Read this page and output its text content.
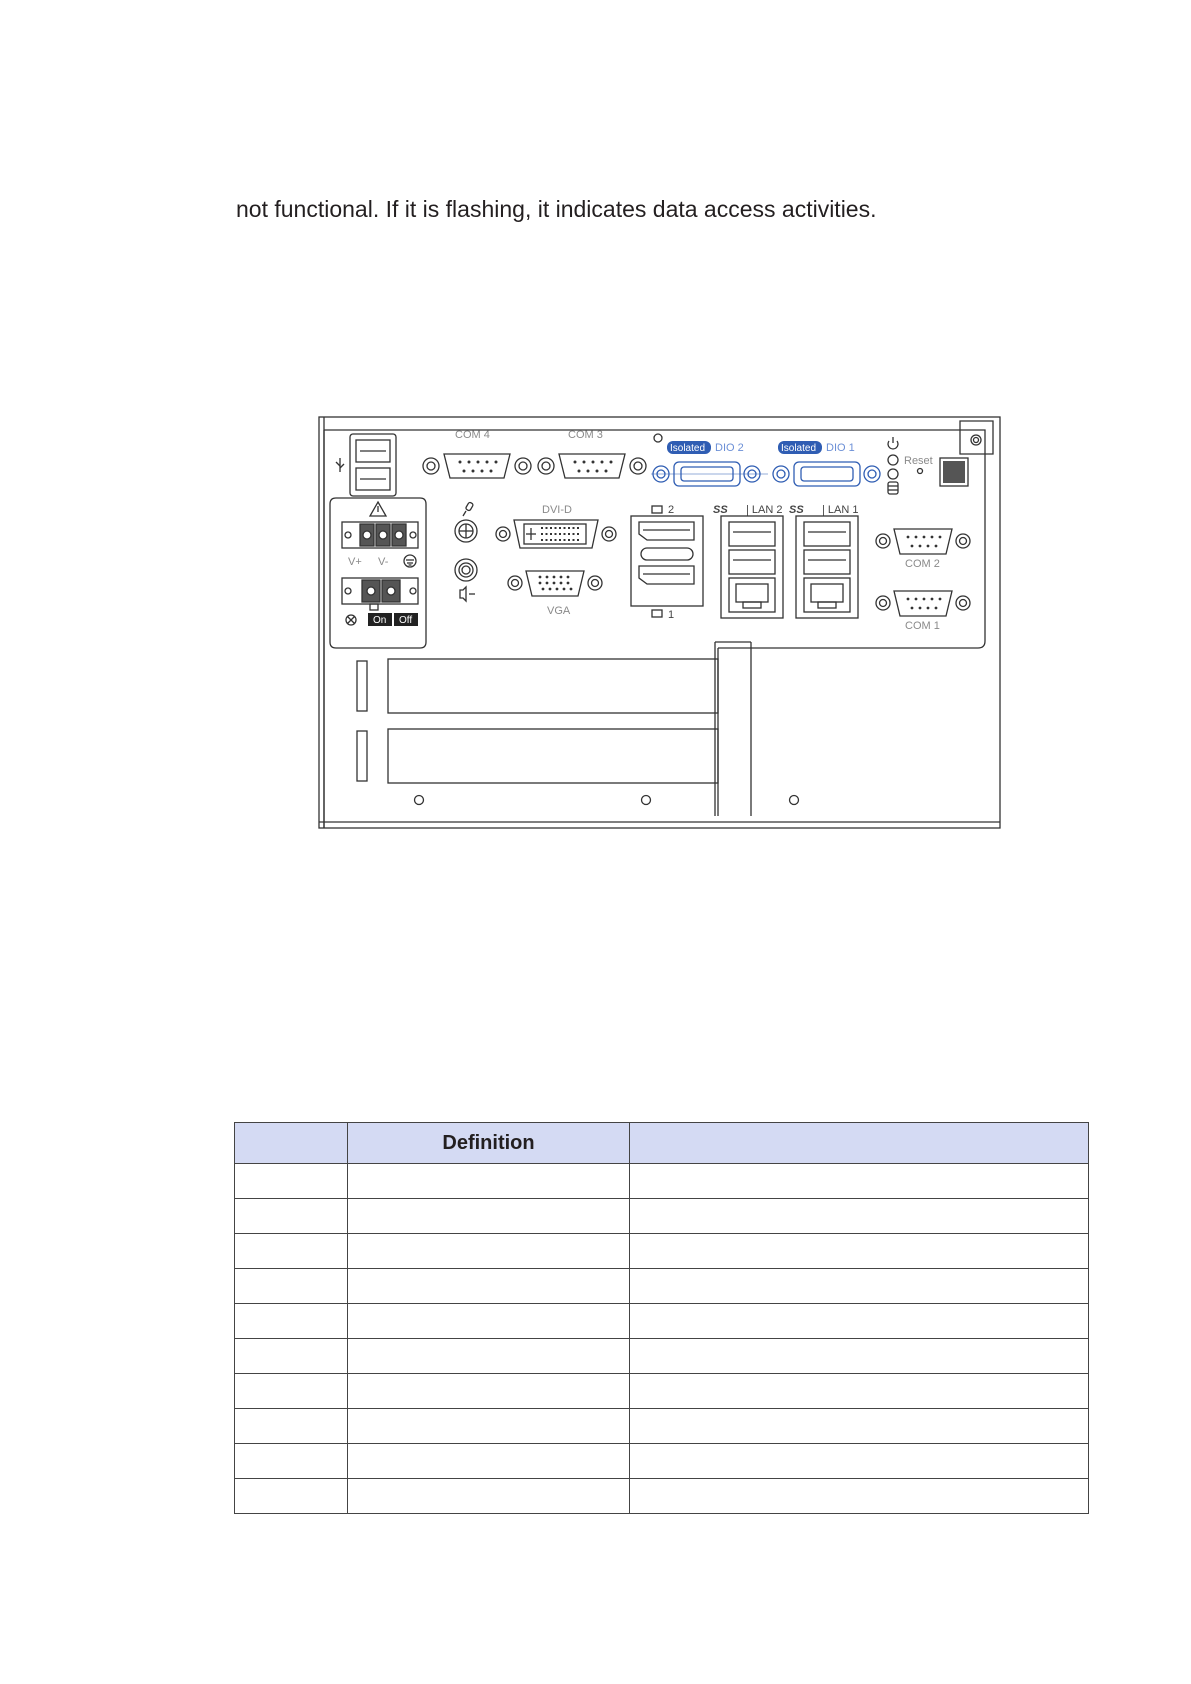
not functional. If it is flashing, it indicates data access activities.
COM 4	COM 3
Isolated DIO 2	Isolated DIO 1
Reset
DVI-D
VGA
2
1
SS | LAN 2 SS | LAN 1
COM 2
COM 1
V+ V-
On Off
	Definition	
